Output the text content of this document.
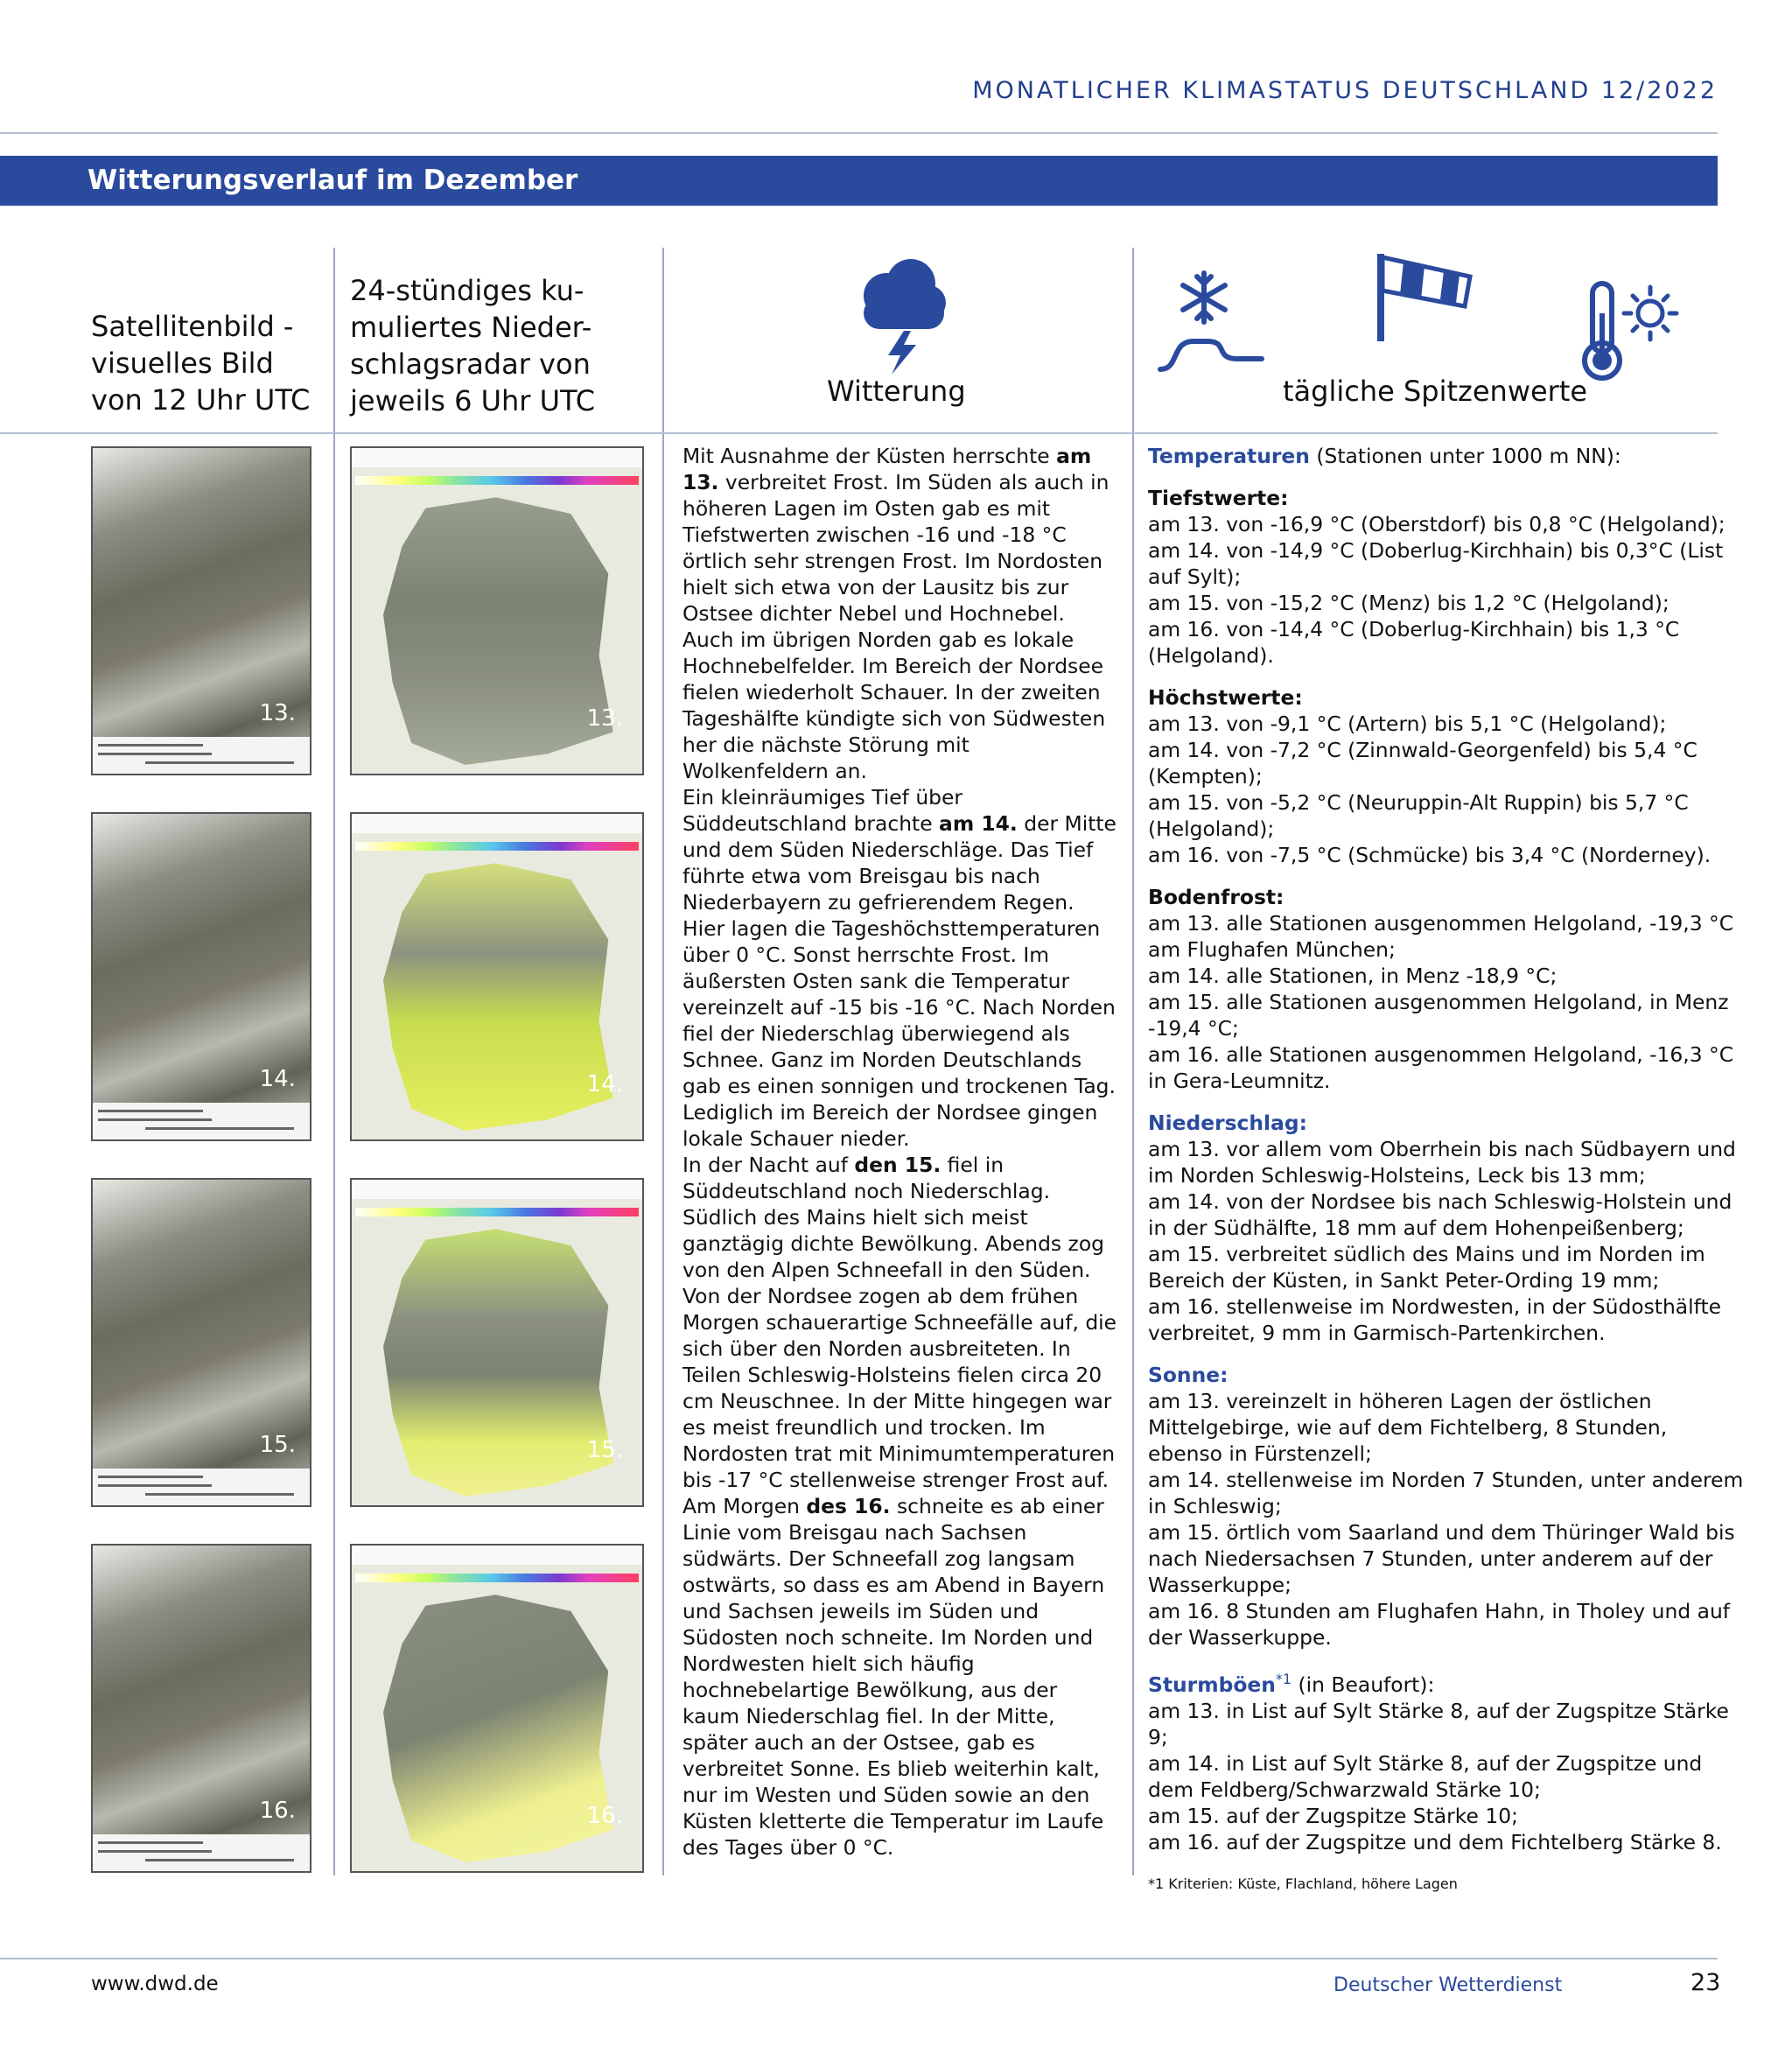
MONATLICHER KLIMASTATUS DEUTSCHLAND 12/2022
Witterungsverlauf im Dezember
Satellitenbild -
visuelles Bild
von 12 Uhr UTC
24-stündiges ku-
muliertes Nieder-
schlagsradar von
jeweils 6 Uhr UTC	Witterung	tägliche Spitzenwerte
13.
14.
15.
16.
13.
14.
15.
16.
Mit Ausnahme der Küsten herrschte am 13. verbreitet Frost. Im Süden als auch in höheren Lagen im Osten gab es mit Tiefstwerten zwischen -16 und -18 °C örtlich sehr strengen Frost. Im Nordosten hielt sich etwa von der Lausitz bis zur Ostsee dichter Nebel und Hochnebel. Auch im übrigen Norden gab es lokale Hochnebelfelder. Im Bereich der Nordsee fielen wiederholt Schauer. In der zweiten Tageshälfte kündigte sich von Südwesten her die nächste Störung mit Wolkenfeldern an.
Ein kleinräumiges Tief über Süddeutschland brachte am 14. der Mitte und dem Süden Niederschläge. Das Tief führte etwa vom Breisgau bis nach Niederbayern zu gefrierendem Regen. Hier lagen die Tageshöchsttemperaturen über 0 °C. Sonst herrschte Frost. Im äußersten Osten sank die Temperatur vereinzelt auf -15 bis -16 °C. Nach Norden fiel der Niederschlag überwiegend als Schnee. Ganz im Norden Deutschlands gab es einen sonnigen und trockenen Tag. Lediglich im Bereich der Nordsee gingen lokale Schauer nieder.
In der Nacht auf den 15. fiel in Süddeutschland noch Niederschlag. Südlich des Mains hielt sich meist ganztägig dichte Bewölkung. Abends zog von den Alpen Schneefall in den Süden. Von der Nordsee zogen ab dem frühen Morgen schauerartige Schneefälle auf, die sich über den Norden ausbreiteten. In Teilen Schleswig-Holsteins fielen circa 20 cm Neuschnee. In der Mitte hingegen war es meist freundlich und trocken. Im Nordosten trat mit Minimumtemperaturen bis -17 °C stellenweise strenger Frost auf.
Am Morgen des 16. schneite es ab einer Linie vom Breisgau nach Sachsen südwärts. Der Schneefall zog langsam ostwärts, so dass es am Abend in Bayern und Sachsen jeweils im Süden und Südosten noch schneite. Im Norden und Nordwesten hielt sich häufig hochnebelartige Bewölkung, aus der kaum Niederschlag fiel. In der Mitte, später auch an der Ostsee, gab es verbreitet Sonne. Es blieb weiterhin kalt, nur im Westen und Süden sowie an den Küsten kletterte die Temperatur im Laufe des Tages über 0 °C.
Temperaturen (Stationen unter 1000 m NN):
Tiefstwerte:
am 13. von -16,9 °C (Oberstdorf) bis 0,8 °C (Helgoland);
am 14. von -14,9 °C (Doberlug-Kirchhain) bis 0,3°C (List auf Sylt);
am 15. von -15,2 °C (Menz) bis 1,2 °C (Helgoland);
am 16. von -14,4 °C (Doberlug-Kirchhain) bis 1,3 °C (Helgoland).
Höchstwerte:
am 13. von -9,1 °C (Artern) bis 5,1 °C (Helgoland);
am 14. von -7,2 °C (Zinnwald-Georgenfeld) bis 5,4 °C (Kempten);
am 15. von -5,2 °C (Neuruppin-Alt Ruppin) bis 5,7 °C (Helgoland);
am 16. von -7,5 °C (Schmücke) bis 3,4 °C (Norderney).
Bodenfrost:
am 13. alle Stationen ausgenommen Helgoland, -19,3 °C am Flughafen München;
am 14. alle Stationen, in Menz -18,9 °C;
am 15. alle Stationen ausgenommen Helgoland, in Menz -19,4 °C;
am 16. alle Stationen ausgenommen Helgoland, -16,3 °C in Gera-Leumnitz.
Niederschlag:
am 13. vor allem vom Oberrhein bis nach Südbayern und im Norden Schleswig-Holsteins, Leck bis 13 mm;
am 14. von der Nordsee bis nach Schleswig-Holstein und in der Südhälfte, 18 mm auf dem Hohenpeißenberg;
am 15. verbreitet südlich des Mains und im Norden im Bereich der Küsten, in Sankt Peter-Ording 19 mm;
am 16. stellenweise im Nordwesten, in der Südosthälfte verbreitet, 9 mm in Garmisch-Partenkirchen.
Sonne:
am 13. vereinzelt in höheren Lagen der östlichen Mittelgebirge, wie auf dem Fichtelberg, 8 Stunden, ebenso in Fürstenzell;
am 14. stellenweise im Norden 7 Stunden, unter anderem in Schleswig;
am 15. örtlich vom Saarland und dem Thüringer Wald bis nach Niedersachsen 7 Stunden, unter anderem auf der Wasserkuppe;
am 16. 8 Stunden am Flughafen Hahn, in Tholey und auf der Wasserkuppe.
Sturmböen$^{*1}$ (in Beaufort):
am 13. in List auf Sylt Stärke 8, auf der Zugspitze Stärke 9;
am 14. in List auf Sylt Stärke 8, auf der Zugspitze und dem Feldberg/Schwarzwald Stärke 10;
am 15. auf der Zugspitze Stärke 10;
am 16. auf der Zugspitze und dem Fichtelberg Stärke 8.
*1 Kriterien: Küste, Flachland, höhere Lagen
www.dwd.de	Deutscher Wetterdienst	23
